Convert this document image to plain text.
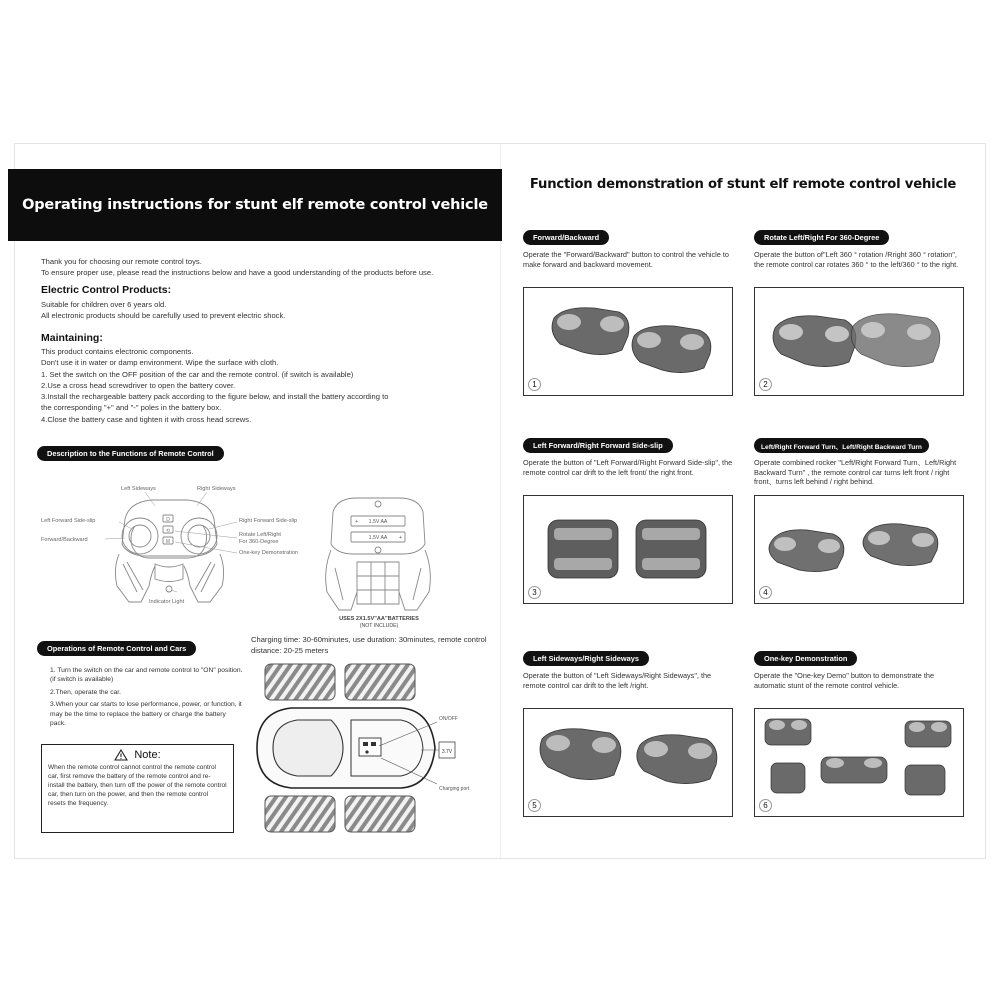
Operating instructions for stunt elf remote control vehicle
Thank you for choosing our remote control toys.
To ensure proper use, please read the instructions below and have a good understanding of the products before use.
Electric Control Products:
Suitable for children over 6 years old.
All electronic products should be carefully used to prevent electric shock.
Maintaining:
This product contains electronic components.
Don't use it in water or damp environment. Wipe the surface with cloth.
1. Set the switch on the OFF position of the car and the remote control. (if switch is available)
2.Use a cross head screwdriver to open the battery cover.
3.Install the rechargeable battery pack according to the figure below, and install the battery according to
the corresponding "+" and "-" poles in the battery box.
4.Close the battery case and tighten it with cross head screws.
Description to the Functions of Remote Control
D
⟲
M
Left Sideways	Right Sideways
Left Forward Side-slip	Right Forward Side-slip
Forward/Backward
Rotate Left/Right
For 360-Degree
One-key Demonstration
Indicator Light
1.5V AA
1.5V AA
+
+
USES 2X1.5V"AA"BATTERIES
(NOT INCLUDE)
Operations of Remote Control and Cars

1. Turn the switch on the car and remote control to "ON" position. (if switch is available)

2.Then, operate the car.

3.When your car starts to lose performance, power, or function, it may be the time to replace the battery or charge the battery pack.

Note:
When the remote control cannot control the remote control car, first remove the battery of the remote control and re-install the battery, then turn off the power of the remote control car, then turn on the power, and then the remote control resets the frequency.
Charging time: 30-60minutes, use duration: 30minutes, remote control distance: 20-25 meters
ON/OFF
3.7V
Charging port
Function demonstration of stunt elf remote control vehicle
Forward/Backward
Operate the "Forward/Backward" button to control the vehicle to make forward and backward movement.
1
Rotate Left/Right For 360-Degree
Operate the button of"Left 360 ° rotation /Rright 360 ° rotation", the remote control car rotates 360 ° to the left/360 ° to the right.
2
Left Forward/Right Forward Side-slip
Operate the button of "Left Forward/Right Forward Side-slip", the remote control car drift to the left front/ the right front.
3
Left/Right Forward Turn、Left/Right Backward Turn
Operate combined rocker "Left/Right Forward Turn、Left/Right Backward Turn" , the remote control car turns left front / right front、turns left behind / right behind.
4
Left Sideways/Right Sideways
Operate the button of "Left Sideways/Right Sideways", the remote control car drift to the left /right.
5
One-key Demonstration
Operate the "One-key Demo" button to demonstrate the automatic stunt of the remote control vehicle.
6
